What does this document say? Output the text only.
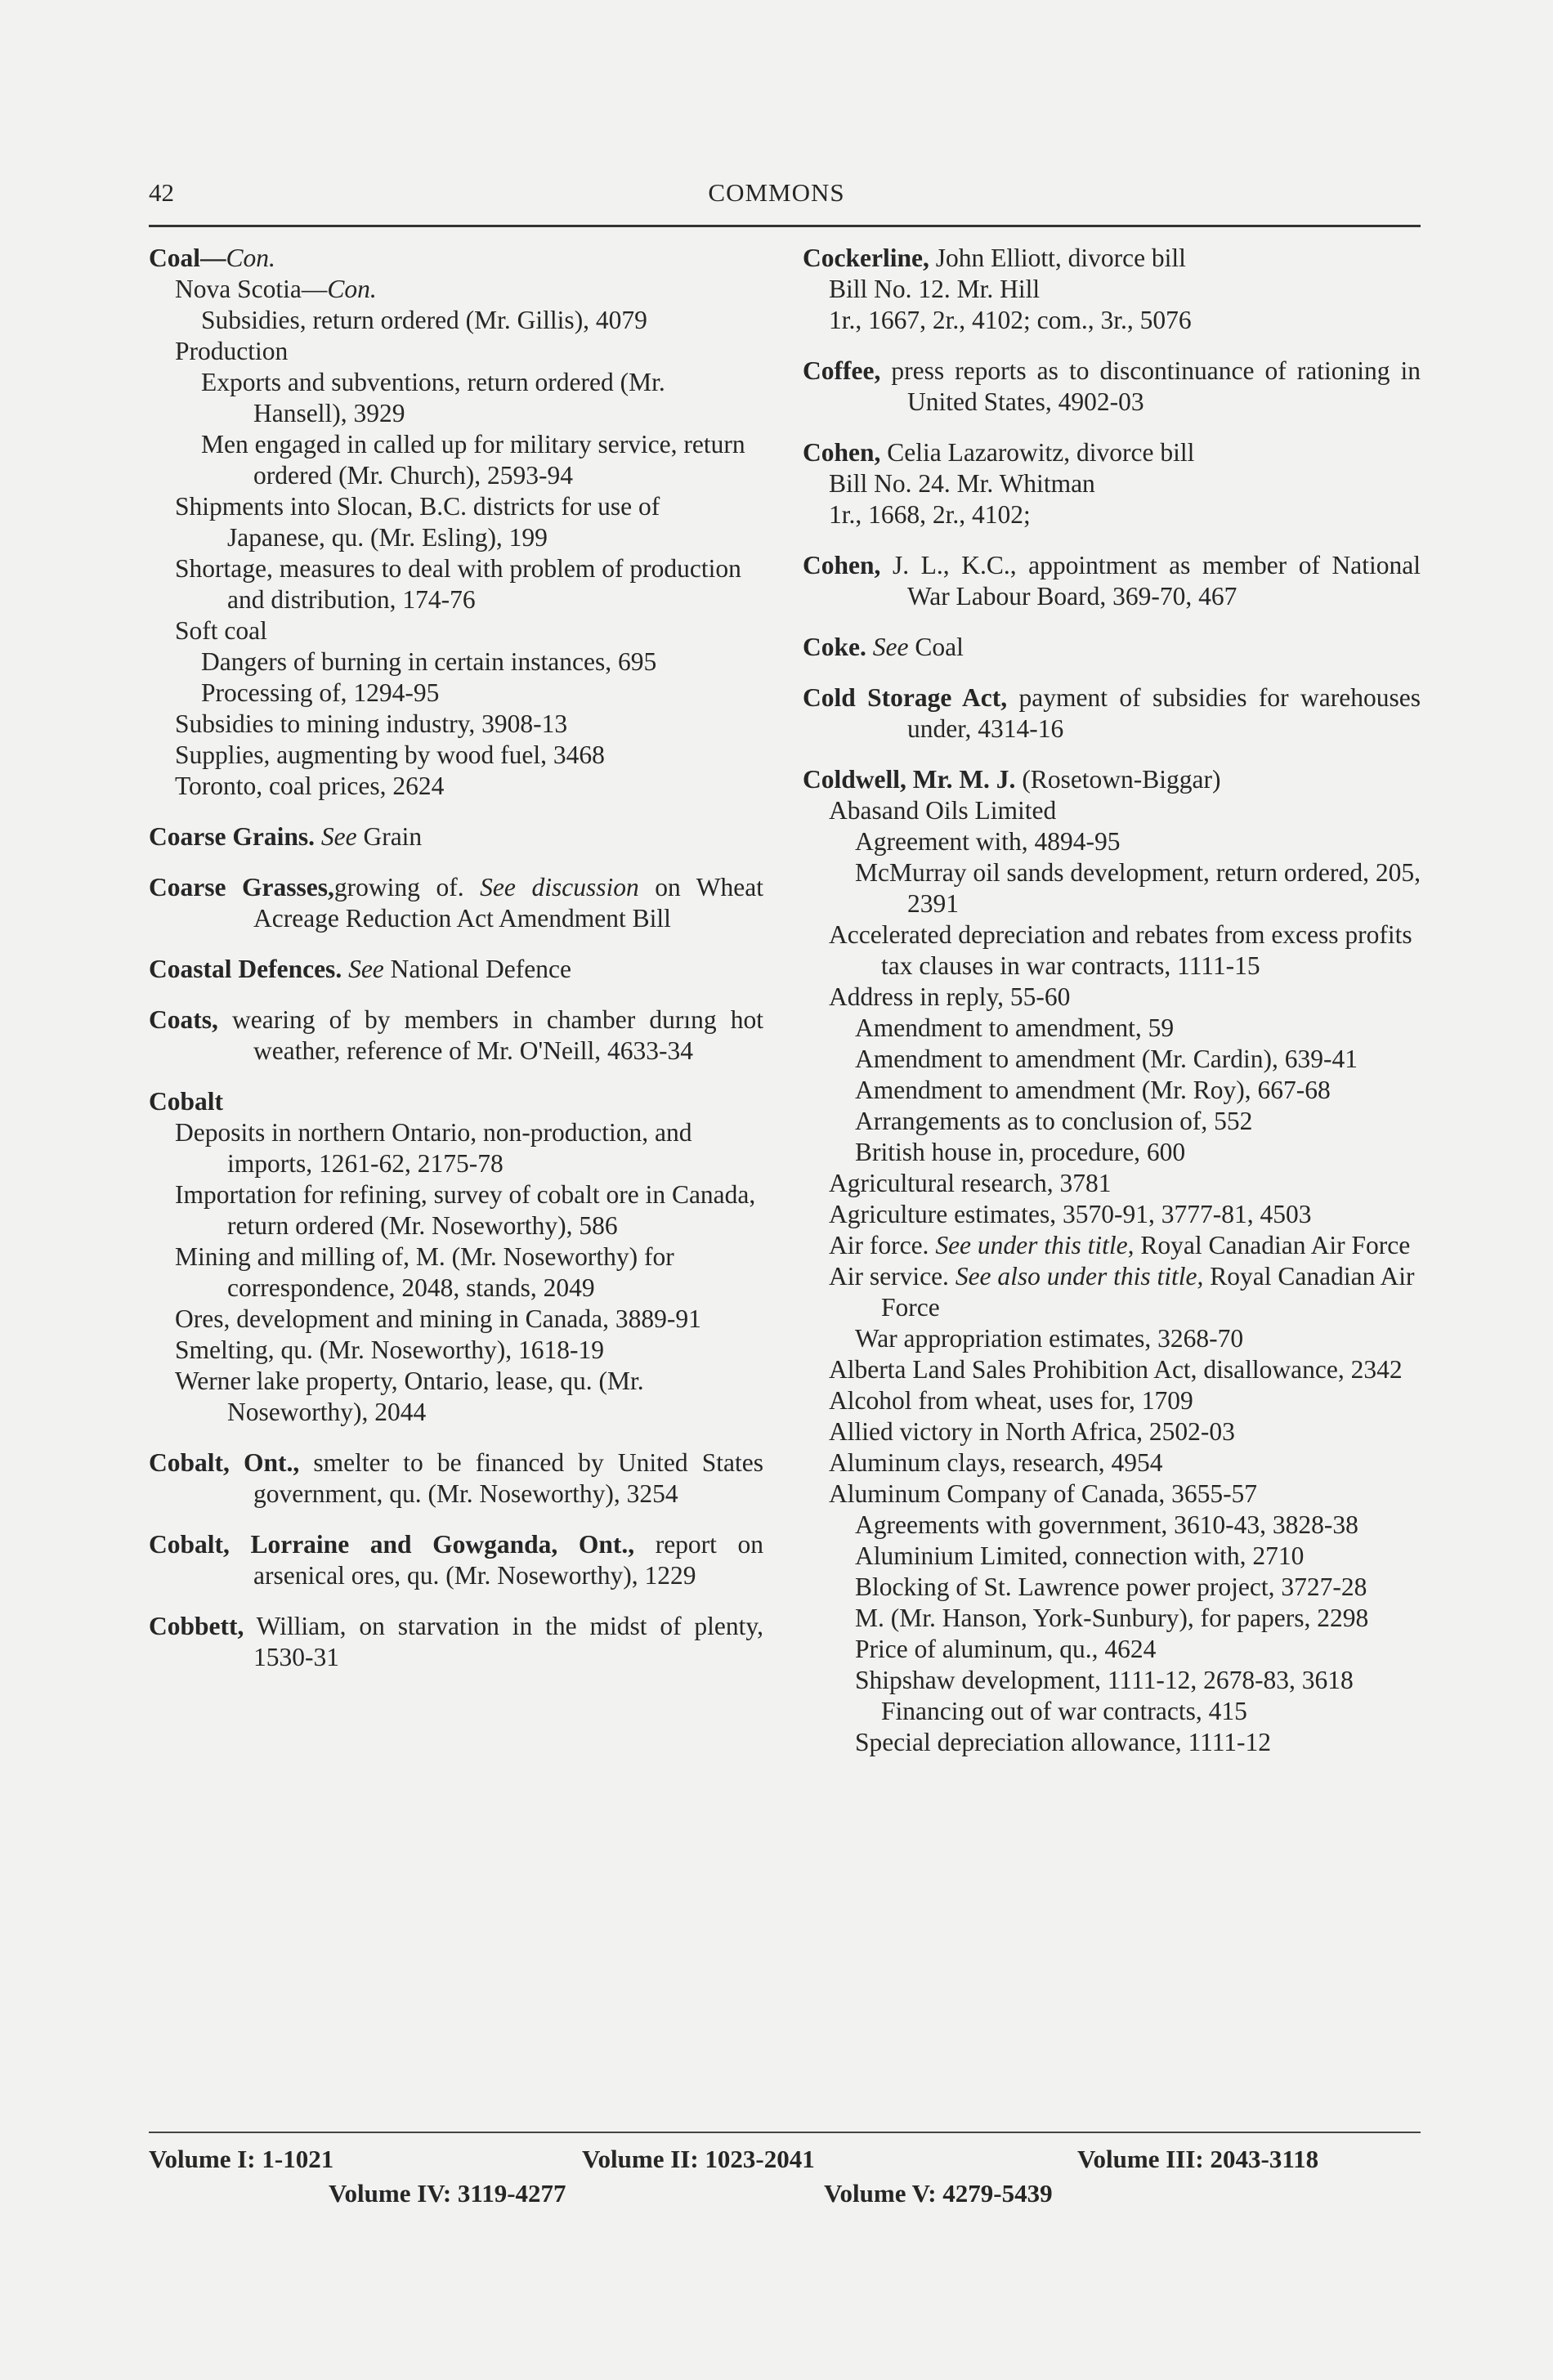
42	COMMONS
Coal—Con.
Nova Scotia—Con.
Subsidies, return ordered (Mr. Gillis), 4079
Production
Exports and subventions, return ordered (Mr. Hansell), 3929
Men engaged in called up for military service, return ordered (Mr. Church), 2593-94
Shipments into Slocan, B.C. districts for use of Japanese, qu. (Mr. Esling), 199
Shortage, measures to deal with problem of production and distribution, 174-76
Soft coal
Dangers of burning in certain instances, 695
Processing of, 1294-95
Subsidies to mining industry, 3908-13
Supplies, augmenting by wood fuel, 3468
Toronto, coal prices, 2624
Coarse Grains. See Grain
Coarse Grasses,growing of. See discussion on Wheat Acreage Reduction Act Amendment Bill
Coastal Defences. See National Defence
Coats, wearing of by members in chamber durıng hot weather, reference of Mr. O'Neill, 4633-34
Cobalt
Deposits in northern Ontario, non-production, and imports, 1261-62, 2175-78
Importation for refining, survey of cobalt ore in Canada, return ordered (Mr. Noseworthy), 586
Mining and milling of, M. (Mr. Noseworthy) for correspondence, 2048, stands, 2049
Ores, development and mining in Canada, 3889-91
Smelting, qu. (Mr. Noseworthy), 1618-19
Werner lake property, Ontario, lease, qu. (Mr. Noseworthy), 2044
Cobalt, Ont., smelter to be financed by United States government, qu. (Mr. Noseworthy), 3254
Cobalt, Lorraine and Gowganda, Ont., report on arsenical ores, qu. (Mr. Noseworthy), 1229
Cobbett, William, on starvation in the midst of plenty, 1530-31
Cockerline, John Elliott, divorce bill
Bill No. 12. Mr. Hill
1r., 1667, 2r., 4102; com., 3r., 5076
Coffee, press reports as to discontinuance of rationing in United States, 4902-03
Cohen, Celia Lazarowitz, divorce bill
Bill No. 24. Mr. Whitman
1r., 1668, 2r., 4102;
Cohen, J. L., K.C., appointment as member of National War Labour Board, 369-70, 467
Coke. See Coal
Cold Storage Act, payment of subsidies for warehouses under, 4314-16
Coldwell, Mr. M. J. (Rosetown-Biggar)
Abasand Oils Limited
Agreement with, 4894-95
McMurray oil sands development, return ordered, 205, 2391
Accelerated depreciation and rebates from excess profits tax clauses in war contracts, 1111-15
Address in reply, 55-60
Amendment to amendment, 59
Amendment to amendment (Mr. Cardin), 639-41
Amendment to amendment (Mr. Roy), 667-68
Arrangements as to conclusion of, 552
British house in, procedure, 600
Agricultural research, 3781
Agriculture estimates, 3570-91, 3777-81, 4503
Air force. See under this title, Royal Canadian Air Force
Air service. See also under this title, Royal Canadian Air Force
War appropriation estimates, 3268-70
Alberta Land Sales Prohibition Act, disallowance, 2342
Alcohol from wheat, uses for, 1709
Allied victory in North Africa, 2502-03
Aluminum clays, research, 4954
Aluminum Company of Canada, 3655-57
Agreements with government, 3610-43, 3828-38
Aluminium Limited, connection with, 2710
Blocking of St. Lawrence power project, 3727-28
M. (Mr. Hanson, York-Sunbury), for papers, 2298
Price of aluminum, qu., 4624
Shipshaw development, 1111-12, 2678-83, 3618
Financing out of war contracts, 415
Special depreciation allowance, 1111-12
Volume I: 1-1021	Volume II: 1023-2041	Volume III: 2043-3118
Volume IV: 3119-4277	Volume V: 4279-5439
